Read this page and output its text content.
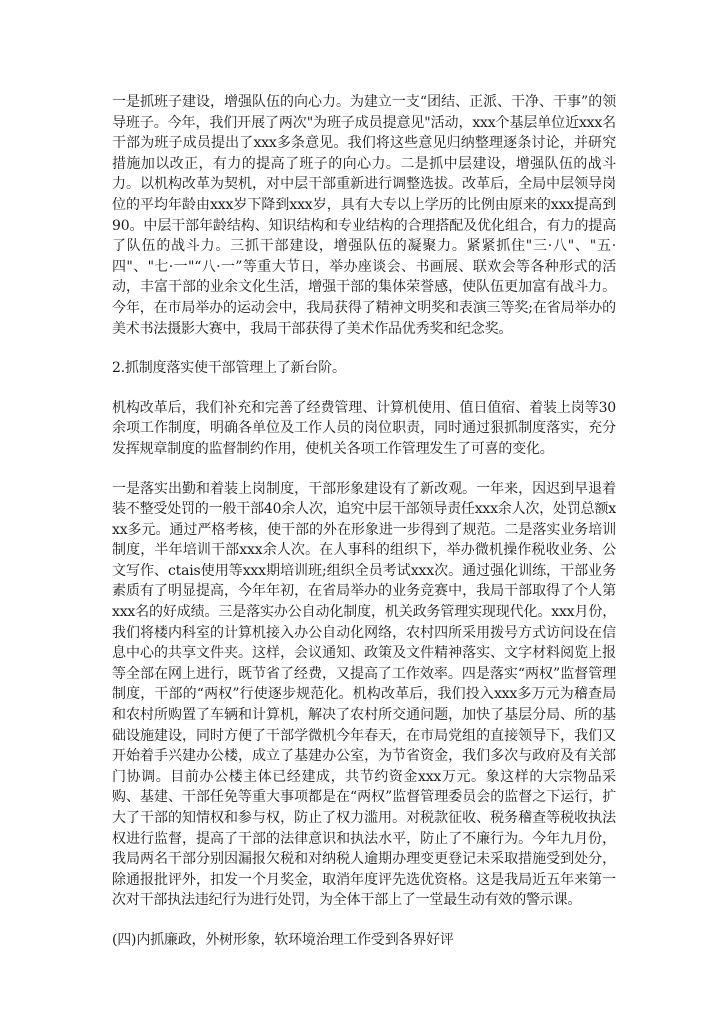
一是抓班子建设，增强队伍的向心力。为建立一支“团结、正派、干净、干事”的领导班子。今年，我们开展了两次"为班子成员提意见"活动，xxx个基层单位近xxx名干部为班子成员提出了xxx多条意见。我们将这些意见归纳整理逐条讨论，并研究措施加以改正，有力的提高了班子的向心力。二是抓中层建设，增强队伍的战斗力。以机构改革为契机，对中层干部重新进行调整选拔。改革后，全局中层领导岗位的平均年龄由xxx岁下降到xxx岁，具有大专以上学历的比例由原来的xxx提高到90。中层干部年龄结构、知识结构和专业结构的合理搭配及优化组合，有力的提高了队伍的战斗力。三抓干部建设，增强队伍的凝聚力。紧紧抓住"三·八"、"五·四"、"七·一"“八·一”等重大节日，举办座谈会、书画展、联欢会等各种形式的活动，丰富干部的业余文化生活，增强干部的集体荣誉感，使队伍更加富有战斗力。今年，在市局举办的运动会中，我局获得了精神文明奖和表演三等奖;在省局举办的美术书法摄影大赛中，我局干部获得了美术作品优秀奖和纪念奖。

2.抓制度落实使干部管理上了新台阶。

机构改革后，我们补充和完善了经费管理、计算机使用、值日值宿、着装上岗等30余项工作制度，明确各单位及工作人员的岗位职责，同时通过狠抓制度落实，充分发挥规章制度的监督制约作用，使机关各项工作管理发生了可喜的变化。

一是落实出勤和着装上岗制度，干部形象建设有了新改观。一年来，因迟到早退着装不整受处罚的一般干部40余人次，追究中层干部领导责任xxx余人次，处罚总额xxx多元。通过严格考核，使干部的外在形象进一步得到了规范。二是落实业务培训制度，半年培训干部xxx余人次。在人事科的组织下，举办微机操作税收业务、公文写作、ctais使用等xxx期培训班;组织全员考试xxx次。通过强化训练，干部业务素质有了明显提高，今年年初，在省局举办的业务竞赛中，我局干部取得了个人第xxx名的好成绩。三是落实办公自动化制度，机关政务管理实现现代化。xxx月份，我们将楼内科室的计算机接入办公自动化网络，农村四所采用拨号方式访问设在信息中心的共享文件夹。这样，会议通知、政策及文件精神落实、文字材料阅览上报等全部在网上进行，既节省了经费，又提高了工作效率。四是落实“两权”监督管理制度，干部的“两权”行使逐步规范化。机构改革后，我们投入xxx多万元为稽查局和农村所购置了车辆和计算机，解决了农村所交通问题，加快了基层分局、所的基础设施建设，同时方便了干部学微机今年春天，在市局党组的直接领导下，我们又开始着手兴建办公楼，成立了基建办公室，为节省资金，我们多次与政府及有关部门协调。目前办公楼主体已经建成，共节约资金xxx万元。象这样的大宗物品采购、基建、干部任免等重大事项都是在“两权”监督管理委员会的监督之下运行，扩大了干部的知情权和参与权，防止了权力滥用。对税款征收、税务稽查等税收执法权进行监督，提高了干部的法律意识和执法水平，防止了不廉行为。今年九月份，我局两名干部分别因漏报欠税和对纳税人逾期办理变更登记未采取措施受到处分，除通报批评外，扣发一个月奖金，取消年度评先选优资格。这是我局近五年来第一次对干部执法违纪行为进行处罚，为全体干部上了一堂最生动有效的警示课。

(四)内抓廉政，外树形象，软环境治理工作受到各界好评
